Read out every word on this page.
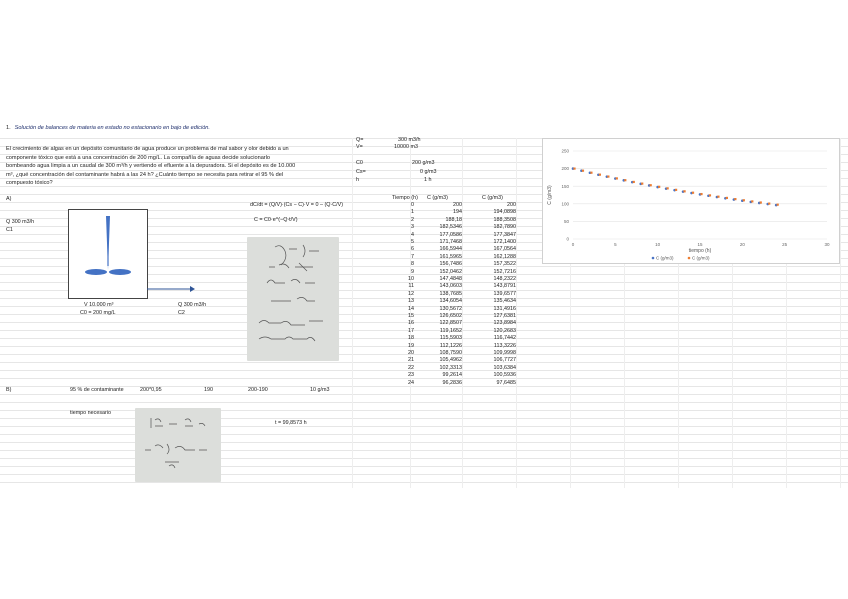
1. Solución de balances de materia en estado no estacionario en bajo de edición.
El crecimiento de algas en un depósito comunitario de agua produce un problema de mal sabor y olor debido a un componente tóxico que está a una concentración de 200 mg/L. La compañía de aguas decide solucionarlo bombeando agua limpia a un caudal de 300 m³/h y vertiendo el efluente a la depuradora. Si el depósito es de 10.000 m³, ¿qué concentración del contaminante habrá a las 24 h? ¿Cuánto tiempo se necesita para retirar el 95 % del compuesto tóxico?
Q=	300 m3/h
V=	10000 m3
C0	200 g/m3
Cs=	0 g/m3
h	1 h
A)
Q 300 m3/h
C1
V 10.000 m³
C0 = 200 mg/L
Q 300 m3/h
C2
dC/dt = (Q/V)·(Cs − C)·V = 0 – (Q·C/V)
C = C0·e^(−Q·t/V)
B)	95 % de contaminante	200*0,95	190	200-190	10 g/m3
tiempo necesario
t = 99,8573 h
Tiempo (h) C (g/m3)	C (g/m3)
0	200	200
1	194	194,0898
2	188,18	188,3508
3	182,5346	182,7890
4	177,0586	177,3847
5	171,7468	172,1400
6	166,5944	167,0564
7	161,5965	162,1288
8	156,7486	157,3522
9	152,0462	152,7216
10	147,4848	148,2322
11	143,0603	143,8791
12	138,7685	139,6577
13	134,6054	135,4634
14	130,5672	131,4916
15	126,6502	127,6381
16	122,8507	123,8984
17	119,1652	120,2683
18	115,5903	116,7442
19	112,1226	113,3226
20	108,7590	109,9998
21	105,4962	106,7727
22	102,3313	103,6384
23	99,2614	100,5936
24	96,2836	97,6485
0
50
100
150
200
250
0	5	10	15	20	25	30
tiempo (h)
C (g/m3)
C (g/m3)	C (g/m3)
